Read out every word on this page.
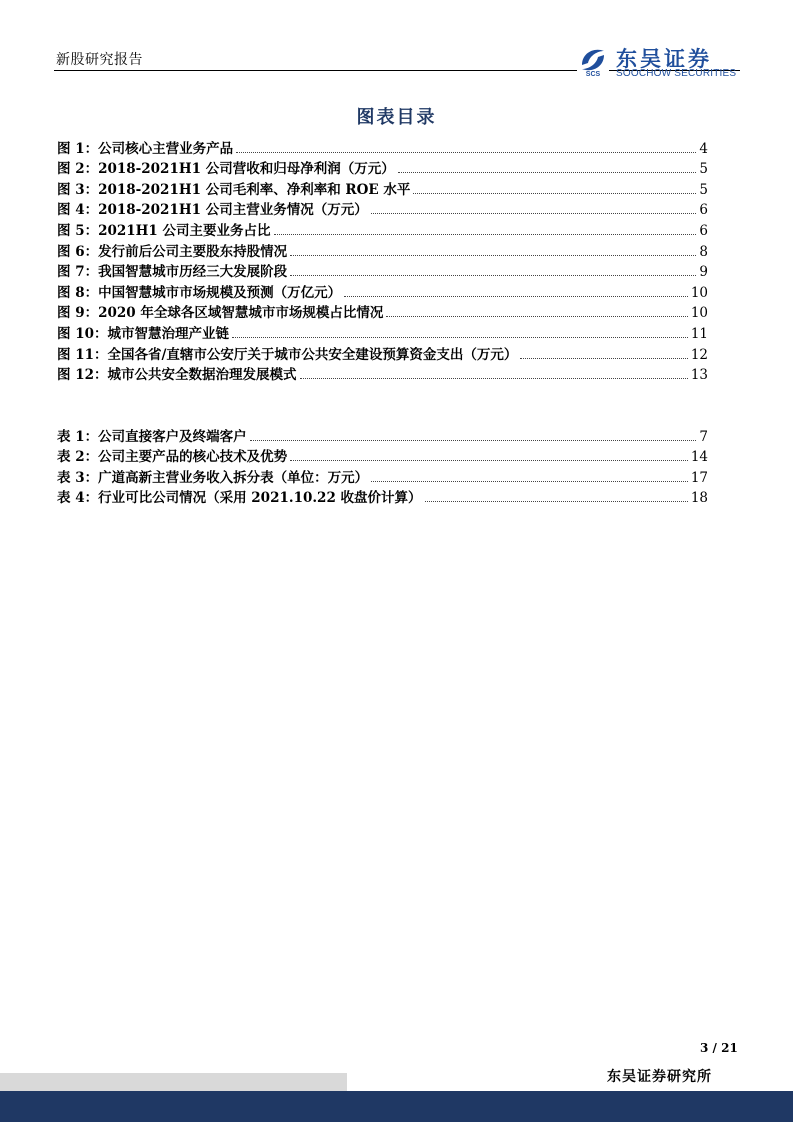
新股研究报告
SCS
东吴证券
SOOCHOW SECURITIES
图表目录
图 1：公司核心主营业务产品	4
图 2：2018-2021H1 公司营收和归母净利润（万元）	5
图 3：2018-2021H1 公司毛利率、净利率和 ROE 水平	5
图 4：2018-2021H1 公司主营业务情况（万元）	6
图 5：2021H1 公司主要业务占比	6
图 6：发行前后公司主要股东持股情况	8
图 7：我国智慧城市历经三大发展阶段	9
图 8：中国智慧城市市场规模及预测（万亿元）	10
图 9：2020 年全球各区域智慧城市市场规模占比情况	10
图 10：城市智慧治理产业链	11
图 11：全国各省/直辖市公安厅关于城市公共安全建设预算资金支出（万元）	12
图 12：城市公共安全数据治理发展模式	13
表 1：公司直接客户及终端客户	7
表 2：公司主要产品的核心技术及优势	14
表 3：广道高新主营业务收入拆分表（单位：万元）	17
表 4：行业可比公司情况（采用 2021.10.22 收盘价计算）	18
3 / 21
东吴证券研究所
